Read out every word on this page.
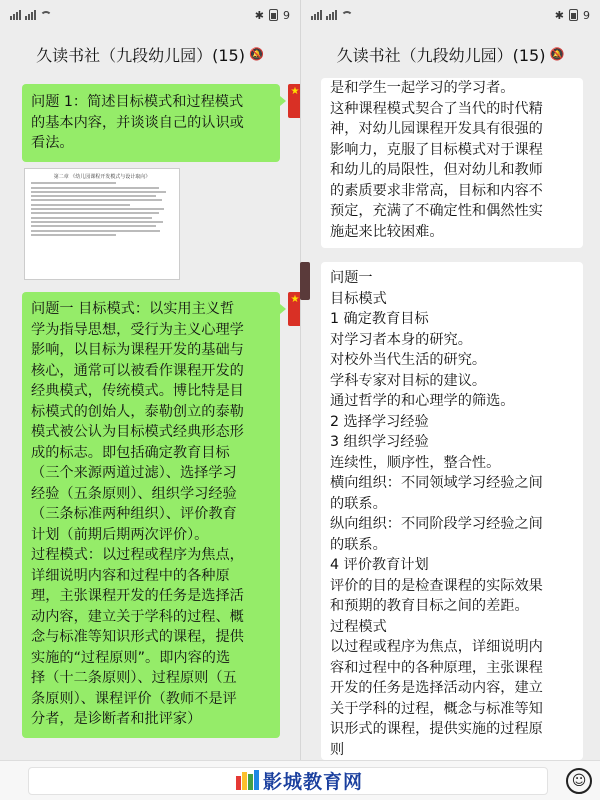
✱ 9
久读书社（九段幼儿园）(15) 🔕
问题 1：简述目标模式和过程模式
的基本内容，并谈谈自己的认识或
看法。
★
第二章 《幼儿园课程开发模式与设计取向》
问题一 目标模式：以实用主义哲
学为指导思想，受行为主义心理学
影响，以目标为课程开发的基础与
核心，通常可以被看作课程开发的
经典模式，传统模式。博比特是目
标模式的创始人，泰勒创立的泰勒
模式被公认为目标模式经典形态形
成的标志。即包括确定教育目标
（三个来源两道过滤）、选择学习
经验（五条原则）、组织学习经验
（三条标准两种组织）、评价教育
计划（前期后期两次评价）。
过程模式：以过程或程序为焦点，
详细说明内容和过程中的各种原
理，主张课程开发的任务是选择活
动内容，建立关于学科的过程、概
念与标准等知识形式的课程，提供
实施的“过程原则”。即内容的选
择（十二条原则）、过程原则（五
条原则）、课程评价（教师不是评
分者，是诊断者和批评家）
★
✱ 9
久读书社（九段幼儿园）(15) 🔕
是和学生一起学习的学习者。
这种课程模式契合了当代的时代精
神，对幼儿园课程开发具有很强的
影响力，克服了目标模式对于课程
和幼儿的局限性，但对幼儿和教师
的素质要求非常高，目标和内容不
预定，充满了不确定性和偶然性实
施起来比较困难。
问题一
目标模式
1 确定教育目标
对学习者本身的研究。
对校外当代生活的研究。
学科专家对目标的建议。
通过哲学的和心理学的筛选。
2 选择学习经验
3 组织学习经验
连续性，顺序性，整合性。
横向组织：不同领域学习经验之间
的联系。
纵向组织：不同阶段学习经验之间
的联系。
4 评价教育计划
评价的目的是检查课程的实际效果
和预期的教育目标之间的差距。
过程模式
以过程或程序为焦点，详细说明内
容和过程中的各种原理，主张课程
开发的任务是选择活动内容，建立
关于学科的过程，概念与标准等知
识形式的课程，提供实施的过程原
则
☺
影城教育网
